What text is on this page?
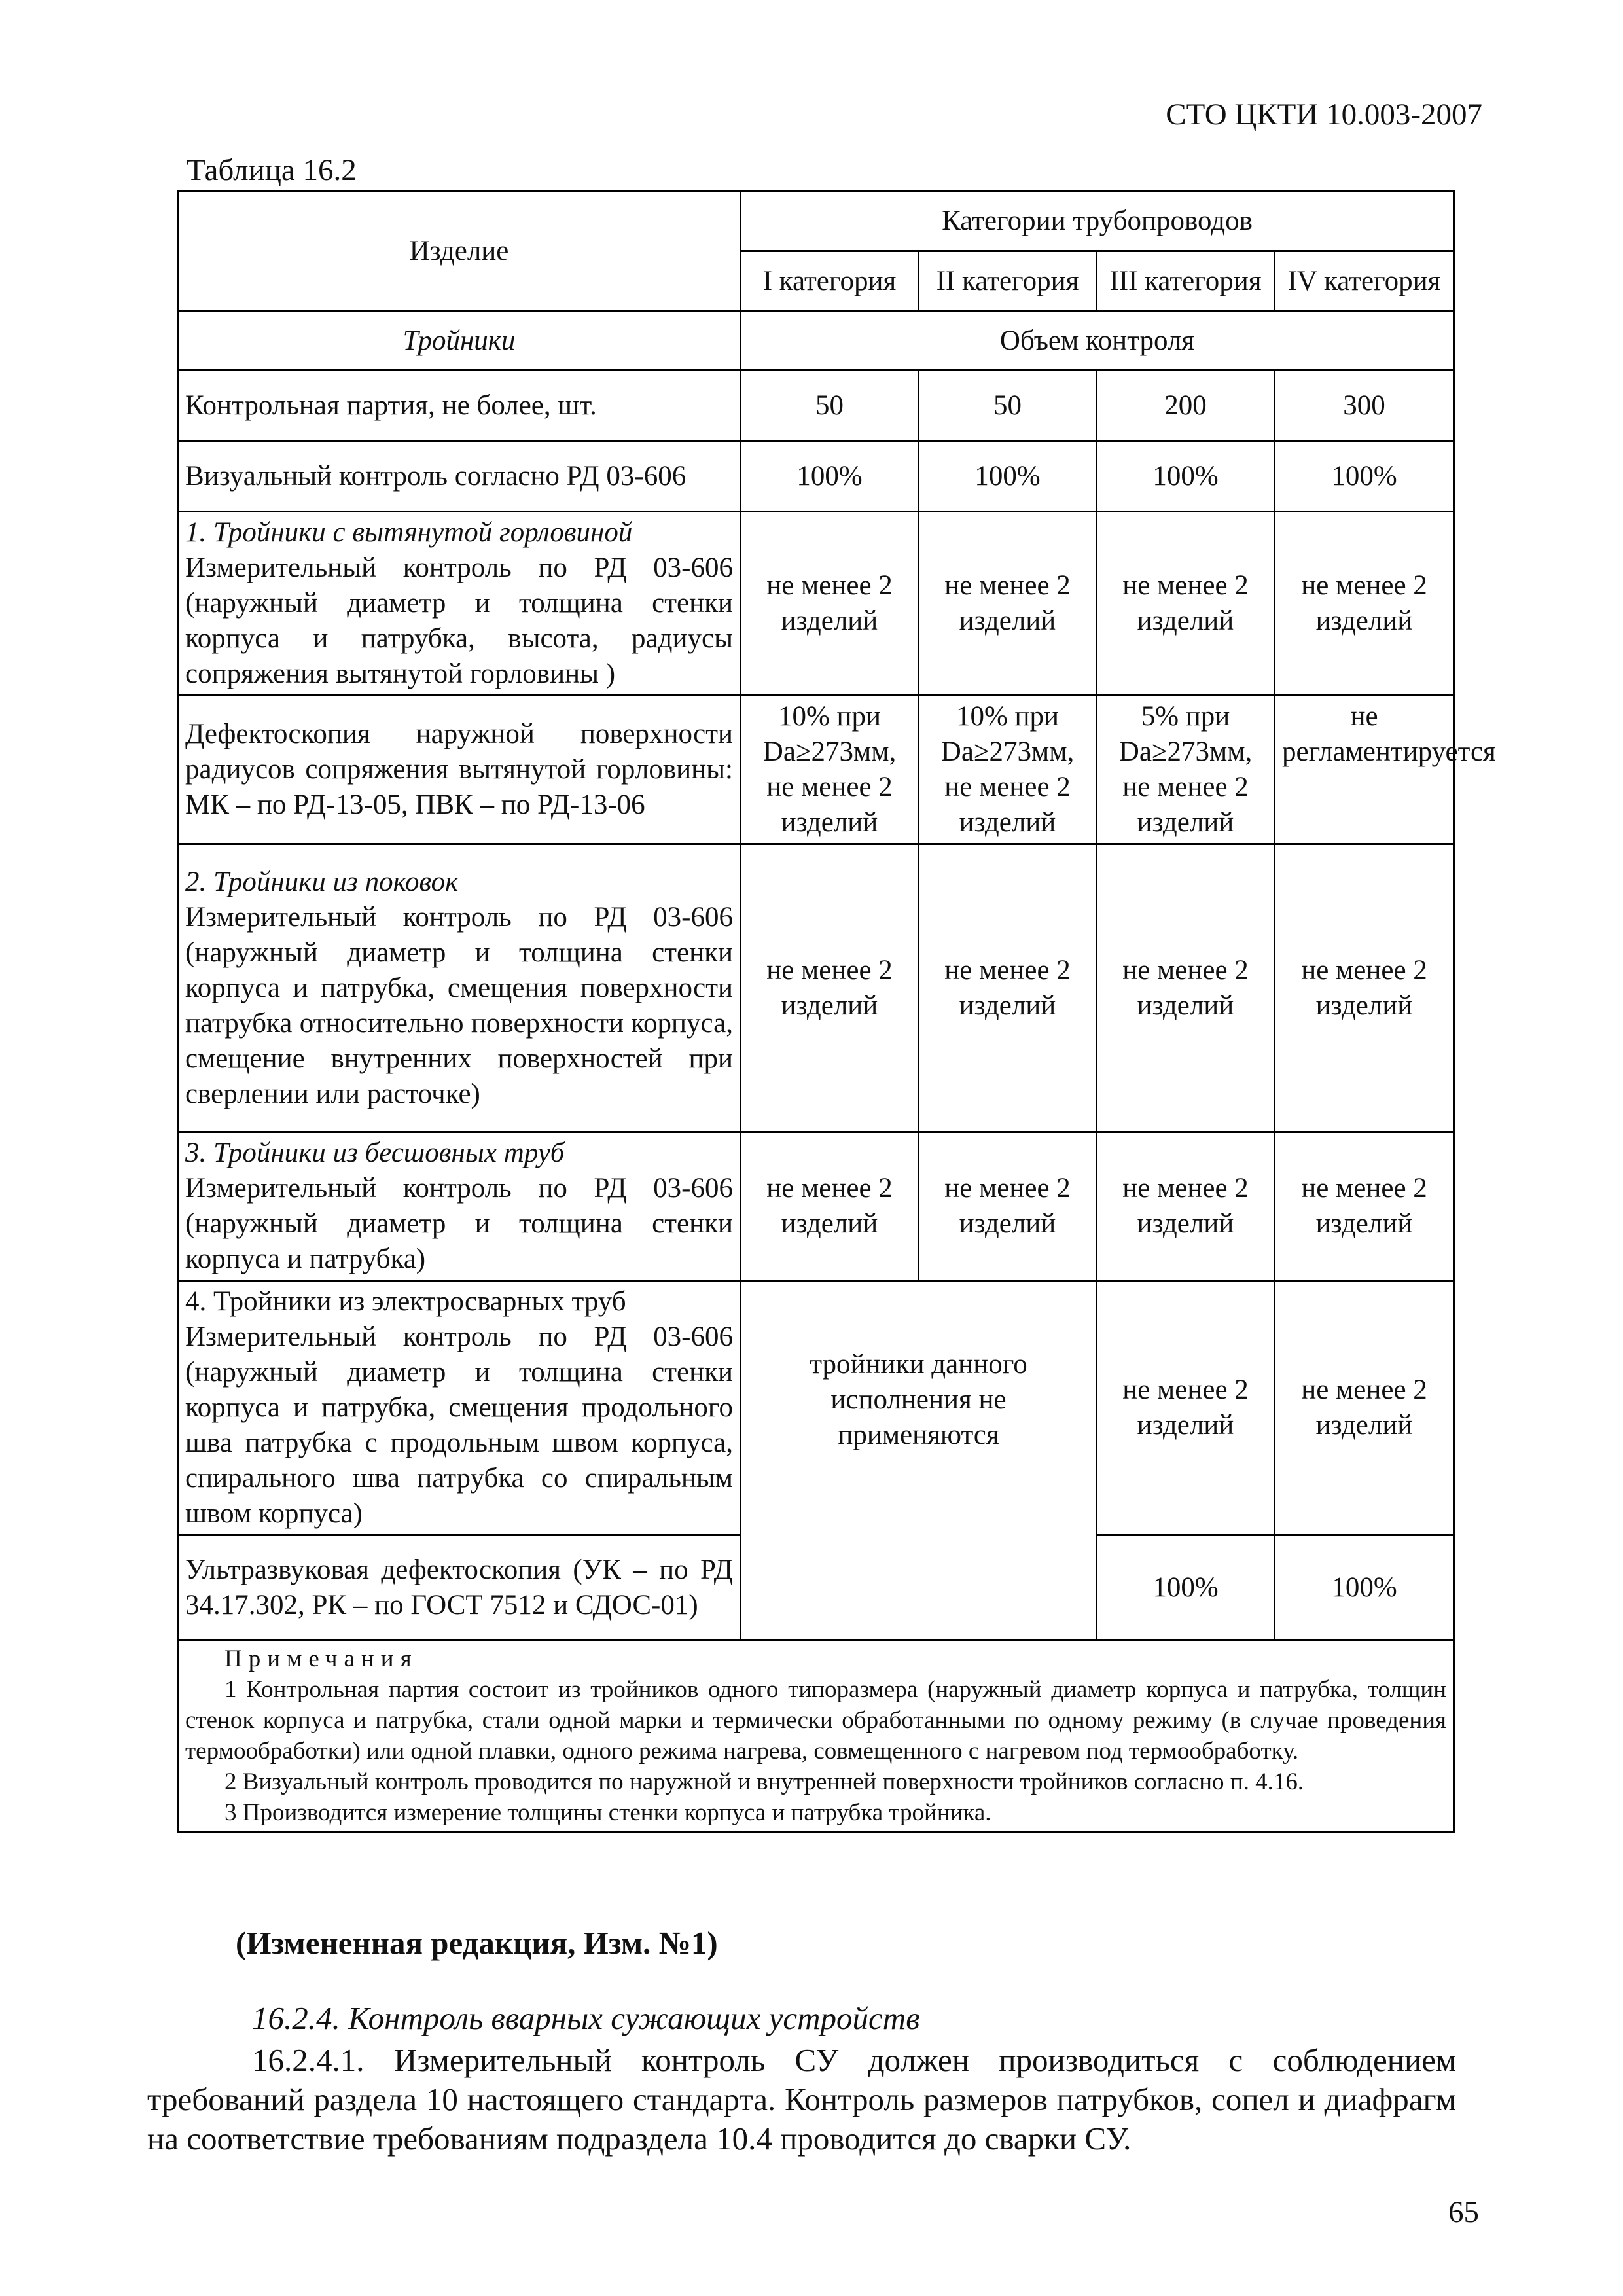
СТО ЦКТИ 10.003-2007
Таблица 16.2
Изделие	Категории трубопроводов			
	I категория	II категория	III категория	IV категория
Тройники	Объем контроля			
Контрольная партия, не более, шт.	50	50	200	300
Визуальный контроль согласно РД 03-606	100%	100%	100%	100%

1. Тройники с вытянутой горловиной
Измерительный контроль по РД 03-606 (наружный диаметр и толщина стенки корпуса и патрубка, высота, радиусы сопряжения вытянутой горловины )	не менее 2 изделий	не менее 2 изделий	не менее 2 изделий	не менее 2 изделий
Дефектоскопия наружной поверхности радиусов сопряжения вытянутой горловины: МК – по РД-13-05, ПВК – по РД-13-06	10% при Da≥273мм, не менее 2 изделий	10% при Da≥273мм, не менее 2 изделий	5% при Da≥273мм, не менее 2 изделий	не регламентируется

2. Тройники из поковок
Измерительный контроль по РД 03-606 (наружный диаметр и толщина стенки корпуса и патрубка, смещения поверхности патрубка относительно поверхности корпуса, смещение внутренних поверхностей при сверлении или расточке)	не менее 2 изделий	не менее 2 изделий	не менее 2 изделий	не менее 2 изделий

3. Тройники из бесшовных труб
Измерительный контроль по РД 03-606 (наружный диаметр и толщина стенки корпуса и патрубка)	не менее 2 изделий	не менее 2 изделий	не менее 2 изделий	не менее 2 изделий

4. Тройники из электросварных труб
Измерительный контроль по РД 03-606 (наружный диаметр и толщина стенки корпуса и патрубка, смещения продольного шва патрубка с продольным швом корпуса, спирального шва патрубка со спиральным швом корпуса)	тройники данного исполнения не применяются		не менее 2 изделий	не менее 2 изделий
Ультразвуковая дефектоскопия (УК – по РД 34.17.302, РК – по ГОСТ 7512 и СДОС-01)			100%	100%

Примечания

1 Контрольная партия состоит из тройников одного типоразмера (наружный диаметр корпуса и патрубка, толщин стенок корпуса и патрубка, стали одной марки и термически обработанными по одному режиму (в случае проведения термообработки) или одной плавки, одного режима нагрева, совмещенного с нагревом под термообработку.

2 Визуальный контроль проводится по наружной и внутренней поверхности тройников согласно п. 4.16.

3 Производится измерение толщины стенки корпуса и патрубка тройника.				

(Измененная редакция, Изм. №1)
16.2.4. Контроль вварных сужающих устройств
16.2.4.1. Измерительный контроль СУ должен производиться с соблюдением требований раздела 10 настоящего стандарта. Контроль размеров патрубков, сопел и диафрагм на соответствие требованиям подраздела 10.4 проводится до сварки СУ.
65
